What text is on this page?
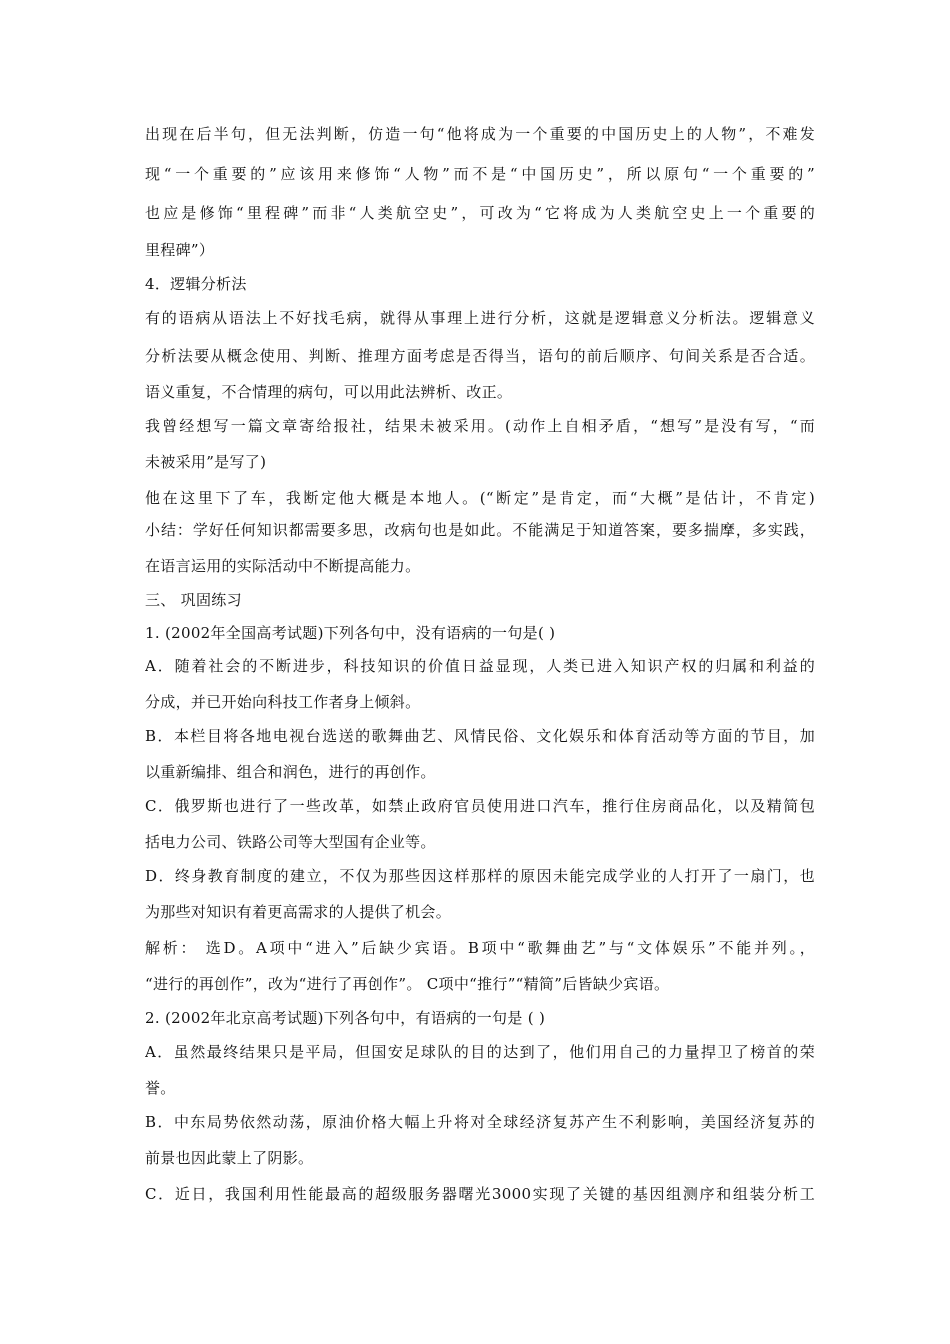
出现在后半句，但无法判断，仿造一句“他将成为一个重要的中国历史上的人物”，不难发
现“一个重要的”应该用来修饰“人物”而不是“中国历史”，所以原句“一个重要的”
也应是修饰“里程碑”而非“人类航空史”，可改为“它将成为人类航空史上一个重要的
里程碑”）
4．逻辑分析法
有的语病从语法上不好找毛病，就得从事理上进行分析，这就是逻辑意义分析法。逻辑意义
分析法要从概念使用、判断、推理方面考虑是否得当，语句的前后顺序、句间关系是否合适。
语义重复，不合情理的病句，可以用此法辨析、改正。
我曾经想写一篇文章寄给报社，结果未被采用。(动作上自相矛盾，“想写”是没有写，“而
未被采用”是写了)
他在这里下了车，我断定他大概是本地人。(“断定”是肯定，而“大概”是估计，不肯定)
小结：学好任何知识都需要多思，改病句也是如此。不能满足于知道答案，要多揣摩，多实践，
在语言运用的实际活动中不断提高能力。
三、 巩固练习
1. (2002年全国高考试题)下列各句中，没有语病的一句是( )
A．随着社会的不断进步，科技知识的价值日益显现，人类已进入知识产权的归属和利益的
分成，并已开始向科技工作者身上倾斜。
B．本栏目将各地电视台选送的歌舞曲艺、风情民俗、文化娱乐和体育活动等方面的节目，加
以重新编排、组合和润色，进行的再创作。
C．俄罗斯也进行了一些改革，如禁止政府官员使用进口汽车，推行住房商品化，以及精简包
括电力公司、铁路公司等大型国有企业等。
D．终身教育制度的建立，不仅为那些因这样那样的原因未能完成学业的人打开了一扇门，也
为那些对知识有着更高需求的人提供了机会。
解析： 选D。A项中“进入”后缺少宾语。B项中“歌舞曲艺”与“文体娱乐”不能并列。，
“进行的再创作”，改为“进行了再创作”。 C项中“推行”“精简”后皆缺少宾语。
2. (2002年北京高考试题)下列各句中，有语病的一句是 ( )
A．虽然最终结果只是平局，但国安足球队的目的达到了，他们用自己的力量捍卫了榜首的荣
誉。
B．中东局势依然动荡，原油价格大幅上升将对全球经济复苏产生不利影响，美国经济复苏的
前景也因此蒙上了阴影。
C．近日，我国利用性能最高的超级服务器曙光3000实现了关键的基因组测序和组装分析工
